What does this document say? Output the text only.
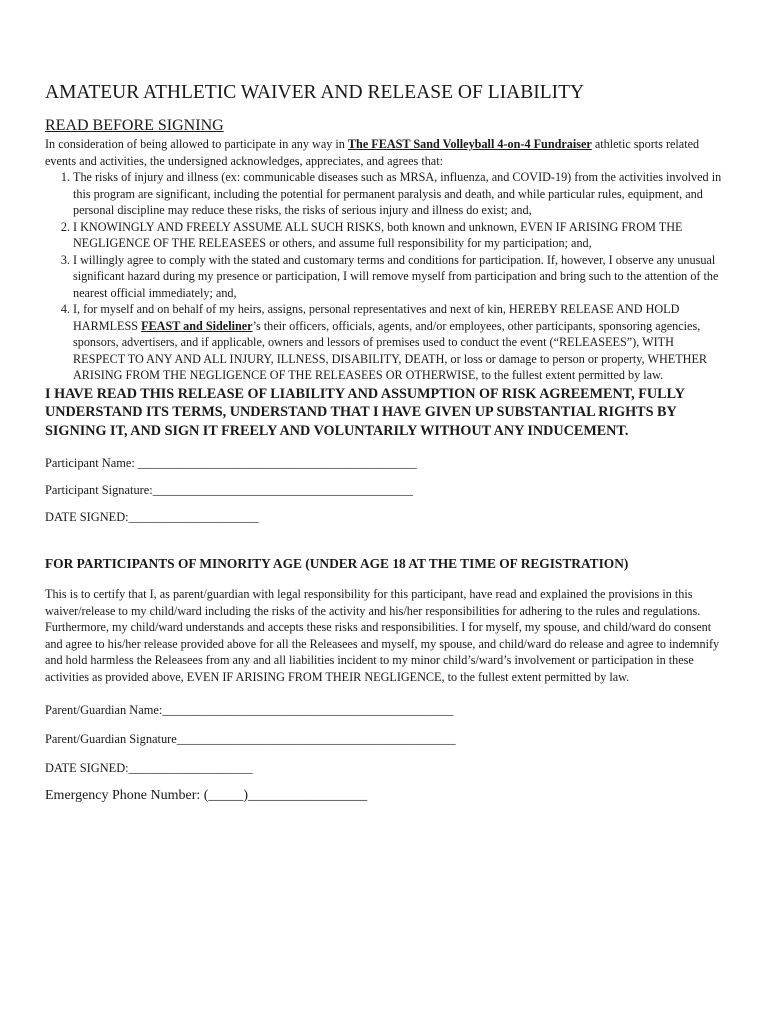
AMATEUR ATHLETIC WAIVER AND RELEASE OF LIABILITY
READ BEFORE SIGNING

In consideration of being allowed to participate in any way in The FEAST Sand Volleyball 4-on-4 Fundraiser athletic sports related events and activities, the undersigned acknowledges, appreciates, and agrees that:

1. The risks of injury and illness (ex: communicable diseases such as MRSA, influenza, and COVID-19) from the activities involved in this program are significant, including the potential for permanent paralysis and death, and while particular rules, equipment, and personal discipline may reduce these risks, the risks of serious injury and illness do exist; and,
2. I KNOWINGLY AND FREELY ASSUME ALL SUCH RISKS, both known and unknown, EVEN IF ARISING FROM THE NEGLIGENCE OF THE RELEASEES or others, and assume full responsibility for my participation; and,
3. I willingly agree to comply with the stated and customary terms and conditions for participation. If, however, I observe any unusual significant hazard during my presence or participation, I will remove myself from participation and bring such to the attention of the nearest official immediately; and,
4. I, for myself and on behalf of my heirs, assigns, personal representatives and next of kin, HEREBY RELEASE AND HOLD HARMLESS FEAST and Sideliner’s their officers, officials, agents, and/or employees, other participants, sponsoring agencies, sponsors, advertisers, and if applicable, owners and lessors of premises used to conduct the event (“RELEASEES”), WITH RESPECT TO ANY AND ALL INJURY, ILLNESS, DISABILITY, DEATH, or loss or damage to person or property, WHETHER ARISING FROM THE NEGLIGENCE OF THE RELEASEES OR OTHERWISE, to the fullest extent permitted by law.

I HAVE READ THIS RELEASE OF LIABILITY AND ASSUMPTION OF RISK AGREEMENT, FULLY UNDERSTAND ITS TERMS, UNDERSTAND THAT I HAVE GIVEN UP SUBSTANTIAL RIGHTS BY SIGNING IT, AND SIGN IT FREELY AND VOLUNTARILY WITHOUT ANY INDUCEMENT.

Participant Name: _____________________________________________

Participant Signature:__________________________________________

DATE SIGNED:_____________________

FOR PARTICIPANTS OF MINORITY AGE (UNDER AGE 18 AT THE TIME OF REGISTRATION)

This is to certify that I, as parent/guardian with legal responsibility for this participant, have read and explained the provisions in this waiver/release to my child/ward including the risks of the activity and his/her responsibilities for adhering to the rules and regulations. Furthermore, my child/ward understands and accepts these risks and responsibilities. I for myself, my spouse, and child/ward do consent and agree to his/her release provided above for all the Releasees and myself, my spouse, and child/ward do release and agree to indemnify and hold harmless the Releasees from any and all liabilities incident to my minor child’s/ward’s involvement or participation in these activities as provided above, EVEN IF ARISING FROM THEIR NEGLIGENCE, to the fullest extent permitted by law.

Parent/Guardian Name:_______________________________________________

Parent/Guardian Signature_____________________________________________

DATE SIGNED:____________________

Emergency Phone Number: (_____)_________________
